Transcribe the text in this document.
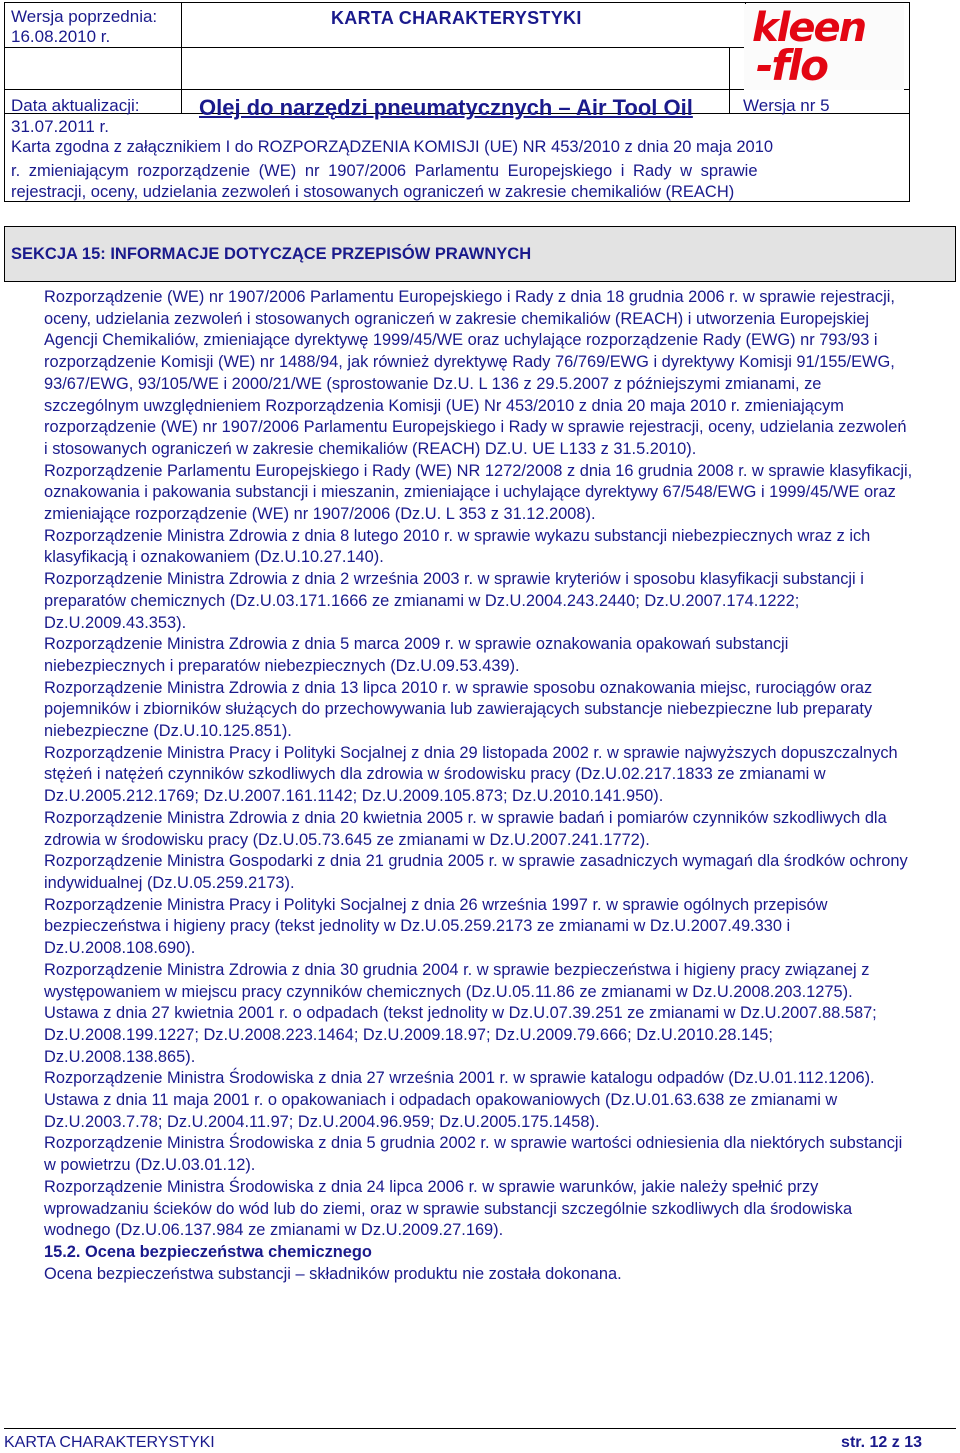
Wersja poprzednia:
16.08.2010 r.
Data aktualizacji:
31.07.2011 r.
KARTA CHARAKTERYSTYKI
Olej do narzędzi pneumatycznych – Air Tool Oil	Wersja nr 5
Karta zgodna z załącznikiem I do ROZPORZĄDZENIA KOMISJI (UE) NR 453/2010 z dnia 20 maja 2010
r. zmieniającym rozporządzenie (WE) nr 1907/2006 Parlamentu Europejskiego i Rady w sprawie
rejestracji, oceny, udzielania zezwoleń i stosowanych ograniczeń w zakresie chemikaliów (REACH)
kleen
-flo
SEKCJA 15: INFORMACJE DOTYCZĄCE PRZEPISÓW PRAWNYCH

Rozporządzenie (WE) nr 1907/2006 Parlamentu Europejskiego i Rady z dnia 18 grudnia 2006 r. w sprawie rejestracji, oceny, udzielania zezwoleń i stosowanych ograniczeń w zakresie chemikaliów (REACH) i utworzenia Europejskiej Agencji Chemikaliów, zmieniające dyrektywę 1999/45/WE oraz uchylające rozporządzenie Rady (EWG) nr 793/93 i rozporządzenie Komisji (WE) nr 1488/94, jak również dyrektywę Rady 76/769/EWG i dyrektywy Komisji 91/155/EWG, 93/67/EWG, 93/105/WE i 2000/21/WE (sprostowanie Dz.U. L 136 z 29.5.2007 z późniejszymi zmianami, ze szczególnym uwzględnieniem Rozporządzenia Komisji (UE) Nr 453/2010 z dnia 20 maja 2010 r. zmieniającym rozporządzenie (WE) nr 1907/2006 Parlamentu Europejskiego i Rady w sprawie rejestracji, oceny, udzielania zezwoleń i stosowanych ograniczeń w zakresie chemikaliów (REACH) DZ.U. UE L133 z 31.5.2010).

Rozporządzenie Parlamentu Europejskiego i Rady (WE) NR 1272/2008 z dnia 16 grudnia 2008 r. w sprawie klasyfikacji, oznakowania i pakowania substancji i mieszanin, zmieniające i uchylające dyrektywy 67/548/EWG i 1999/45/WE oraz zmieniające rozporządzenie (WE) nr 1907/2006 (Dz.U. L 353 z 31.12.2008).

Rozporządzenie Ministra Zdrowia z dnia 8 lutego 2010 r. w sprawie wykazu substancji niebezpiecznych wraz z ich klasyfikacją i oznakowaniem (Dz.U.10.27.140).

Rozporządzenie Ministra Zdrowia z dnia 2 września 2003 r. w sprawie kryteriów i sposobu klasyfikacji substancji i preparatów chemicznych (Dz.U.03.171.1666 ze zmianami w Dz.U.2004.243.2440; Dz.U.2007.174.1222; Dz.U.2009.43.353).

Rozporządzenie Ministra Zdrowia z dnia 5 marca 2009 r. w sprawie oznakowania opakowań substancji niebezpiecznych i preparatów niebezpiecznych (Dz.U.09.53.439).

Rozporządzenie Ministra Zdrowia z dnia 13 lipca 2010 r. w sprawie sposobu oznakowania miejsc, rurociągów oraz pojemników i zbiorników służących do przechowywania lub zawierających substancje niebezpieczne lub preparaty niebezpieczne (Dz.U.10.125.851).

Rozporządzenie Ministra Pracy i Polityki Socjalnej z dnia 29 listopada 2002 r. w sprawie najwyższych dopuszczalnych stężeń i natężeń czynników szkodliwych dla zdrowia w środowisku pracy (Dz.U.02.217.1833 ze zmianami w Dz.U.2005.212.1769; Dz.U.2007.161.1142; Dz.U.2009.105.873; Dz.U.2010.141.950).

Rozporządzenie Ministra Zdrowia z dnia 20 kwietnia 2005 r. w sprawie badań i pomiarów czynników szkodliwych dla zdrowia w środowisku pracy (Dz.U.05.73.645 ze zmianami w Dz.U.2007.241.1772).

Rozporządzenie Ministra Gospodarki z dnia 21 grudnia 2005 r. w sprawie zasadniczych wymagań dla środków ochrony indywidualnej (Dz.U.05.259.2173).

Rozporządzenie Ministra Pracy i Polityki Socjalnej z dnia 26 września 1997 r. w sprawie ogólnych przepisów bezpieczeństwa i higieny pracy (tekst jednolity w Dz.U.05.259.2173 ze zmianami w Dz.U.2007.49.330 i Dz.U.2008.108.690).

Rozporządzenie Ministra Zdrowia z dnia 30 grudnia 2004 r. w sprawie bezpieczeństwa i higieny pracy związanej z występowaniem w miejscu pracy czynników chemicznych (Dz.U.05.11.86 ze zmianami w Dz.U.2008.203.1275).

Ustawa z dnia 27 kwietnia 2001 r. o odpadach (tekst jednolity w Dz.U.07.39.251 ze zmianami w Dz.U.2007.88.587; Dz.U.2008.199.1227; Dz.U.2008.223.1464; Dz.U.2009.18.97; Dz.U.2009.79.666; Dz.U.2010.28.145; Dz.U.2008.138.865).

Rozporządzenie Ministra Środowiska z dnia 27 września 2001 r. w sprawie katalogu odpadów (Dz.U.01.112.1206).

Ustawa z dnia 11 maja 2001 r. o opakowaniach i odpadach opakowaniowych (Dz.U.01.63.638 ze zmianami w Dz.U.2003.7.78; Dz.U.2004.11.97; Dz.U.2004.96.959; Dz.U.2005.175.1458).

Rozporządzenie Ministra Środowiska z dnia 5 grudnia 2002 r. w sprawie wartości odniesienia dla niektórych substancji w powietrzu (Dz.U.03.01.12).

Rozporządzenie Ministra Środowiska z dnia 24 lipca 2006 r. w sprawie warunków, jakie należy spełnić przy wprowadzaniu ścieków do wód lub do ziemi, oraz w sprawie substancji szczególnie szkodliwych dla środowiska wodnego (Dz.U.06.137.984 ze zmianami w Dz.U.2009.27.169).

15.2. Ocena bezpieczeństwa chemicznego

Ocena bezpieczeństwa substancji – składników produktu nie została dokonana.

KARTA CHARAKTERYSTYKI	str. 12 z 13
